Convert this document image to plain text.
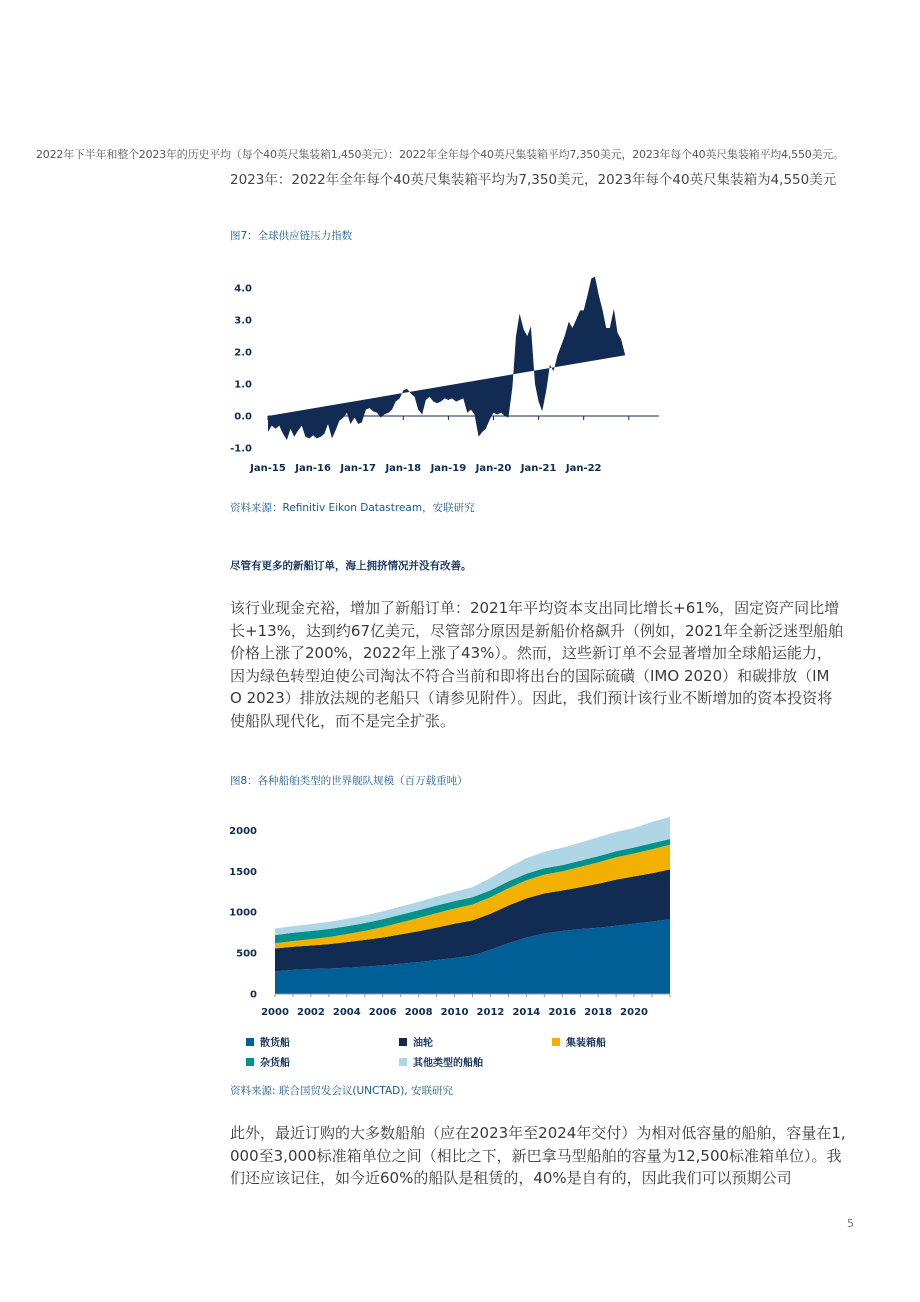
2022年下半年和整个2023年的历史平均（每个40英尺集装箱1,450美元）：2022年全年每个40英尺集装箱平均7,350美元，2023年每个40英尺集装箱平均4,550美元。
2023年：2022年全年每个40英尺集装箱平均为7,350美元，2023年每个40英尺集装箱为4,550美元
图7：全球供应链压力指数
-1.0
0.0
1.0
2.0
3.0
4.0
Jan-15 Jan-16 Jan-17 Jan-18 Jan-19 Jan-20 Jan-21 Jan-22
资料来源：Refinitiv Eikon Datastream，安联研究
尽管有更多的新船订单，海上拥挤情况并没有改善。
该行业现金充裕，增加了新船订单：2021年平均资本支出同比增长+61%，固定资产同比增
长+13%，达到约67亿美元，尽管部分原因是新船价格飙升（例如，2021年全新泛迷型船舶
价格上涨了200%，2022年上涨了43%）。然而，这些新订单不会显著增加全球船运能力，
因为绿色转型迫使公司淘汰不符合当前和即将出台的国际硫磺（IMO 2020）和碳排放（IM
O 2023）排放法规的老船只（请参见附件）。因此，我们预计该行业不断增加的资本投资将
使船队现代化，而不是完全扩张。
图8：各种船舶类型的世界舰队规模（百万载重吨）
0
500
1000
1500
2000
2000 2002 2004 2006 2008 2010 2012 2014 2016 2018 2020
散货船	油轮	集装箱船
杂货船	其他类型的船舶
资料来源: 联合国贸发会议(UNCTAD), 安联研究
此外，最近订购的大多数船舶（应在2023年至2024年交付）为相对低容量的船舶，容量在1,
000至3,000标准箱单位之间（相比之下，新巴拿马型船舶的容量为12,500标准箱单位）。我
们还应该记住，如今近60%的船队是租赁的，40%是自有的，因此我们可以预期公司
5
